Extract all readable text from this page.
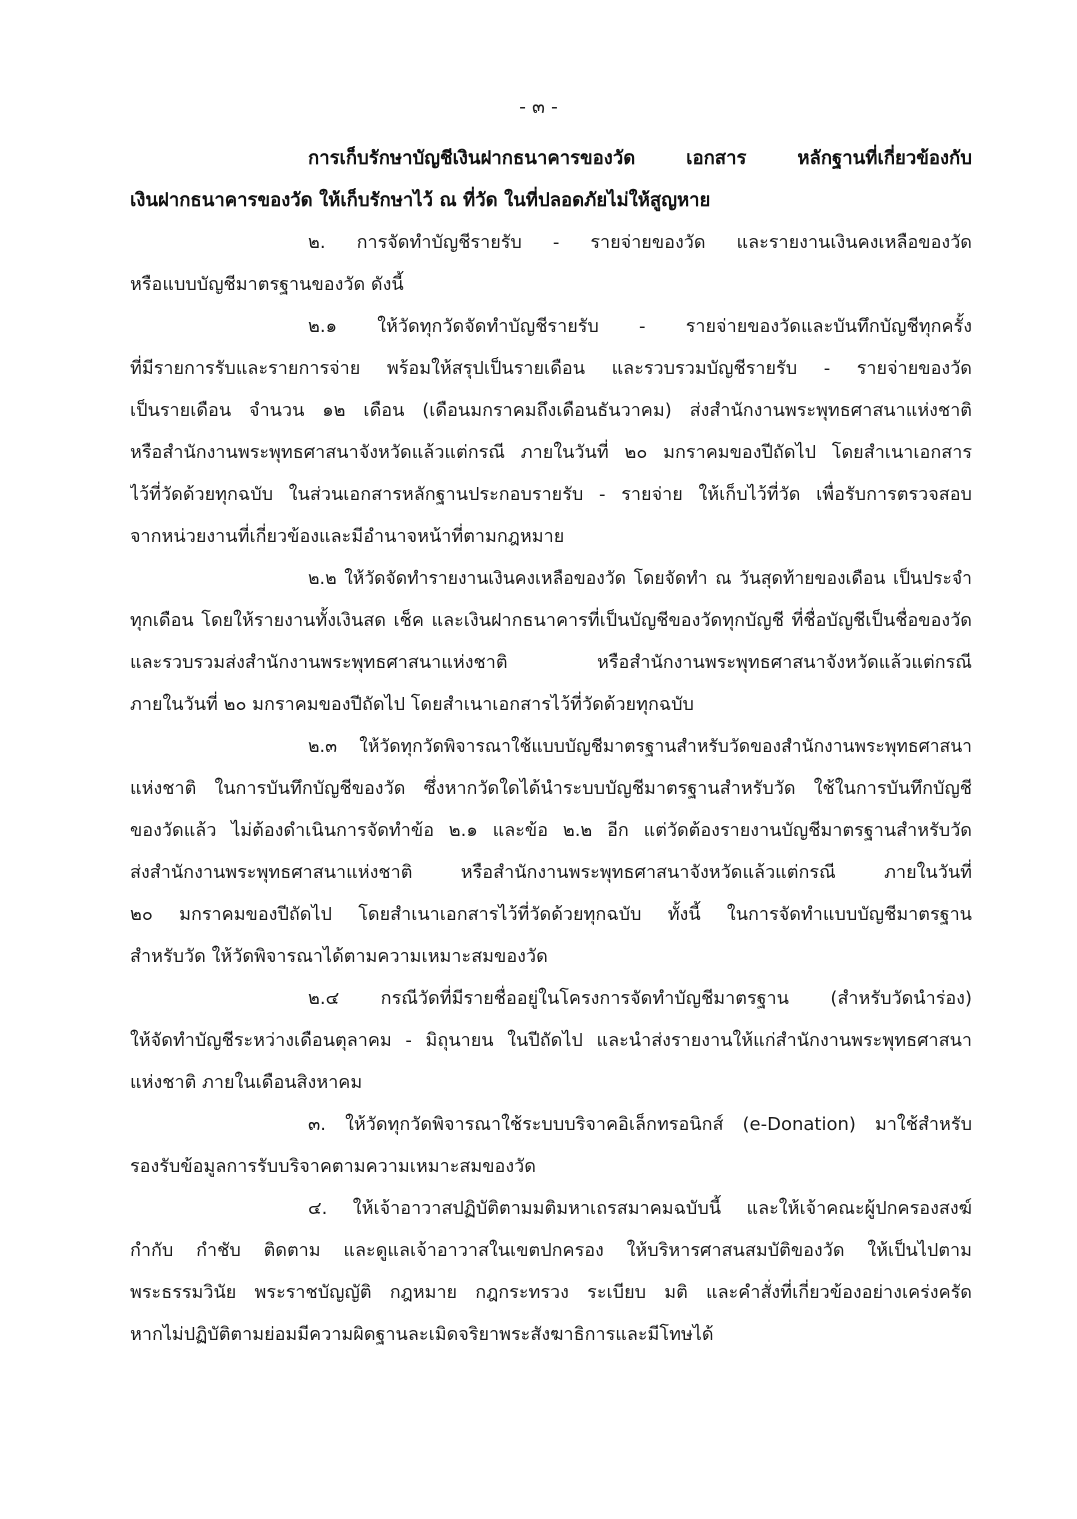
- ๓ -
การเก็บรักษาบัญชีเงินฝากธนาคารของวัด เอกสาร หลักฐานที่เกี่ยวข้องกับ
เงินฝากธนาคารของวัด ให้เก็บรักษาไว้ ณ ที่วัด ในที่ปลอดภัยไม่ให้สูญหาย
๒. การจัดทำบัญชีรายรับ - รายจ่ายของวัด และรายงานเงินคงเหลือของวัด
หรือแบบบัญชีมาตรฐานของวัด ดังนี้
๒.๑ ให้วัดทุกวัดจัดทำบัญชีรายรับ - รายจ่ายของวัดและบันทึกบัญชีทุกครั้ง
ที่มีรายการรับและรายการจ่าย พร้อมให้สรุปเป็นรายเดือน และรวบรวมบัญชีรายรับ - รายจ่ายของวัด
เป็นรายเดือน จำนวน ๑๒ เดือน (เดือนมกราคมถึงเดือนธันวาคม) ส่งสำนักงานพระพุทธศาสนาแห่งชาติ
หรือสำนักงานพระพุทธศาสนาจังหวัดแล้วแต่กรณี ภายในวันที่ ๒๐ มกราคมของปีถัดไป โดยสำเนาเอกสาร
ไว้ที่วัดด้วยทุกฉบับ ในส่วนเอกสารหลักฐานประกอบรายรับ - รายจ่าย ให้เก็บไว้ที่วัด เพื่อรับการตรวจสอบ
จากหน่วยงานที่เกี่ยวข้องและมีอำนาจหน้าที่ตามกฎหมาย
๒.๒ ให้วัดจัดทำรายงานเงินคงเหลือของวัด โดยจัดทำ ณ วันสุดท้ายของเดือน เป็นประจำ
ทุกเดือน โดยให้รายงานทั้งเงินสด เช็ค และเงินฝากธนาคารที่เป็นบัญชีของวัดทุกบัญชี ที่ชื่อบัญชีเป็นชื่อของวัด
และรวบรวมส่งสำนักงานพระพุทธศาสนาแห่งชาติ หรือสำนักงานพระพุทธศาสนาจังหวัดแล้วแต่กรณี
ภายในวันที่ ๒๐ มกราคมของปีถัดไป โดยสำเนาเอกสารไว้ที่วัดด้วยทุกฉบับ
๒.๓ ให้วัดทุกวัดพิจารณาใช้แบบบัญชีมาตรฐานสำหรับวัดของสำนักงานพระพุทธศาสนา
แห่งชาติ ในการบันทึกบัญชีของวัด ซึ่งหากวัดใดได้นำระบบบัญชีมาตรฐานสำหรับวัด ใช้ในการบันทึกบัญชี
ของวัดแล้ว ไม่ต้องดำเนินการจัดทำข้อ ๒.๑ และข้อ ๒.๒ อีก แต่วัดต้องรายงานบัญชีมาตรฐานสำหรับวัด
ส่งสำนักงานพระพุทธศาสนาแห่งชาติ หรือสำนักงานพระพุทธศาสนาจังหวัดแล้วแต่กรณี ภายในวันที่
๒๐ มกราคมของปีถัดไป โดยสำเนาเอกสารไว้ที่วัดด้วยทุกฉบับ ทั้งนี้ ในการจัดทำแบบบัญชีมาตรฐาน
สำหรับวัด ให้วัดพิจารณาได้ตามความเหมาะสมของวัด
๒.๔ กรณีวัดที่มีรายชื่ออยู่ในโครงการจัดทำบัญชีมาตรฐาน (สำหรับวัดนำร่อง)
ให้จัดทำบัญชีระหว่างเดือนตุลาคม - มิถุนายน ในปีถัดไป และนำส่งรายงานให้แก่สำนักงานพระพุทธศาสนา
แห่งชาติ ภายในเดือนสิงหาคม
๓. ให้วัดทุกวัดพิจารณาใช้ระบบบริจาคอิเล็กทรอนิกส์ (e-Donation) มาใช้สำหรับ
รองรับข้อมูลการรับบริจาคตามความเหมาะสมของวัด
๔. ให้เจ้าอาวาสปฏิบัติตามมติมหาเถรสมาคมฉบับนี้ และให้เจ้าคณะผู้ปกครองสงฆ์
กำกับ กำชับ ติดตาม และดูแลเจ้าอาวาสในเขตปกครอง ให้บริหารศาสนสมบัติของวัด ให้เป็นไปตาม
พระธรรมวินัย พระราชบัญญัติ กฎหมาย กฎกระทรวง ระเบียบ มติ และคำสั่งที่เกี่ยวข้องอย่างเคร่งครัด
หากไม่ปฏิบัติตามย่อมมีความผิดฐานละเมิดจริยาพระสังฆาธิการและมีโทษได้
